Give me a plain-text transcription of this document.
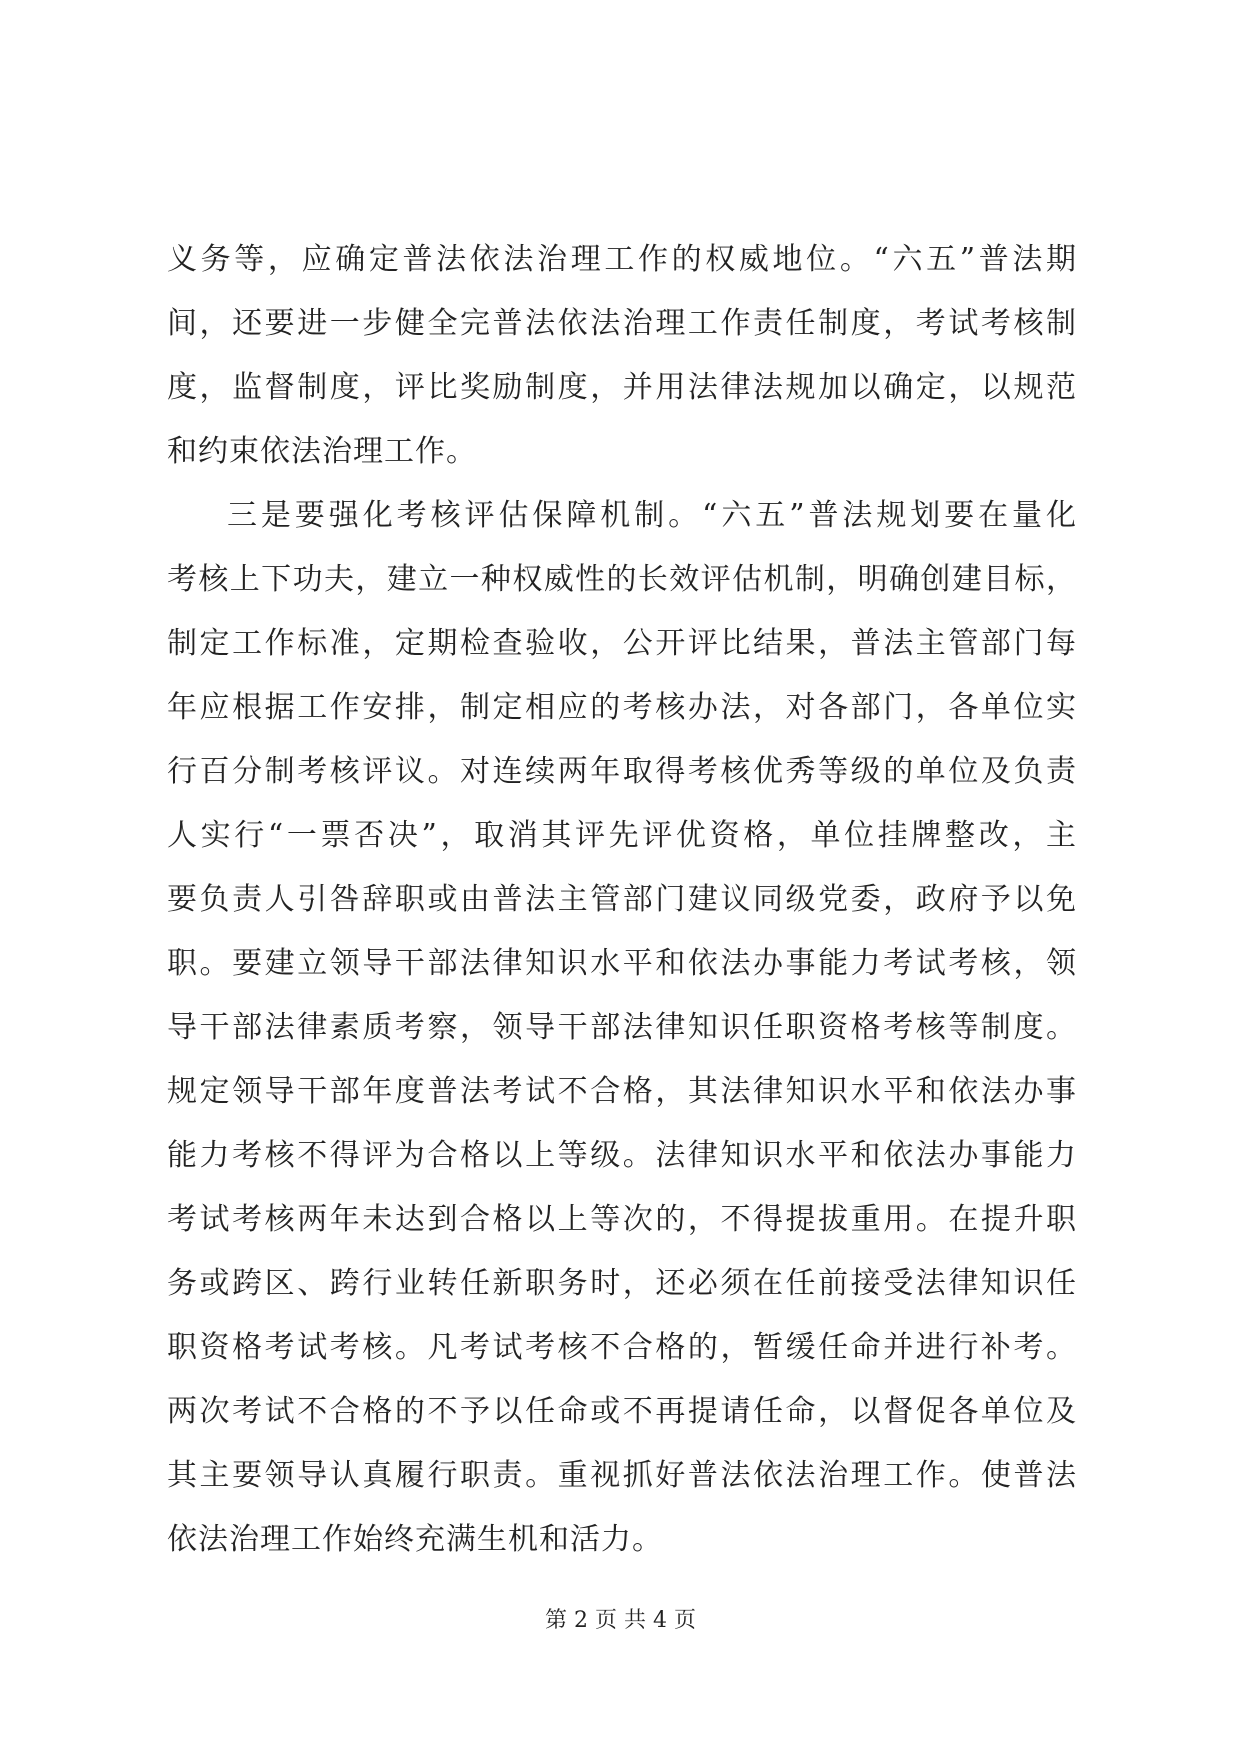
义务等，应确定普法依法治理工作的权威地位。“六五”普法期
间，还要进一步健全完普法依法治理工作责任制度，考试考核制
度，监督制度，评比奖励制度，并用法律法规加以确定，以规范
和约束依法治理工作。
三是要强化考核评估保障机制。“六五”普法规划要在量化
考核上下功夫，建立一种权威性的长效评估机制，明确创建目标，
制定工作标准，定期检查验收，公开评比结果，普法主管部门每
年应根据工作安排，制定相应的考核办法，对各部门，各单位实
行百分制考核评议。对连续两年取得考核优秀等级的单位及负责
人实行“一票否决”，取消其评先评优资格，单位挂牌整改，主
要负责人引咎辞职或由普法主管部门建议同级党委，政府予以免
职。要建立领导干部法律知识水平和依法办事能力考试考核，领
导干部法律素质考察，领导干部法律知识任职资格考核等制度。
规定领导干部年度普法考试不合格，其法律知识水平和依法办事
能力考核不得评为合格以上等级。法律知识水平和依法办事能力
考试考核两年未达到合格以上等次的，不得提拔重用。在提升职
务或跨区、跨行业转任新职务时，还必须在任前接受法律知识任
职资格考试考核。凡考试考核不合格的，暂缓任命并进行补考。
两次考试不合格的不予以任命或不再提请任命，以督促各单位及
其主要领导认真履行职责。重视抓好普法依法治理工作。使普法
依法治理工作始终充满生机和活力。
第 2 页 共 4 页
